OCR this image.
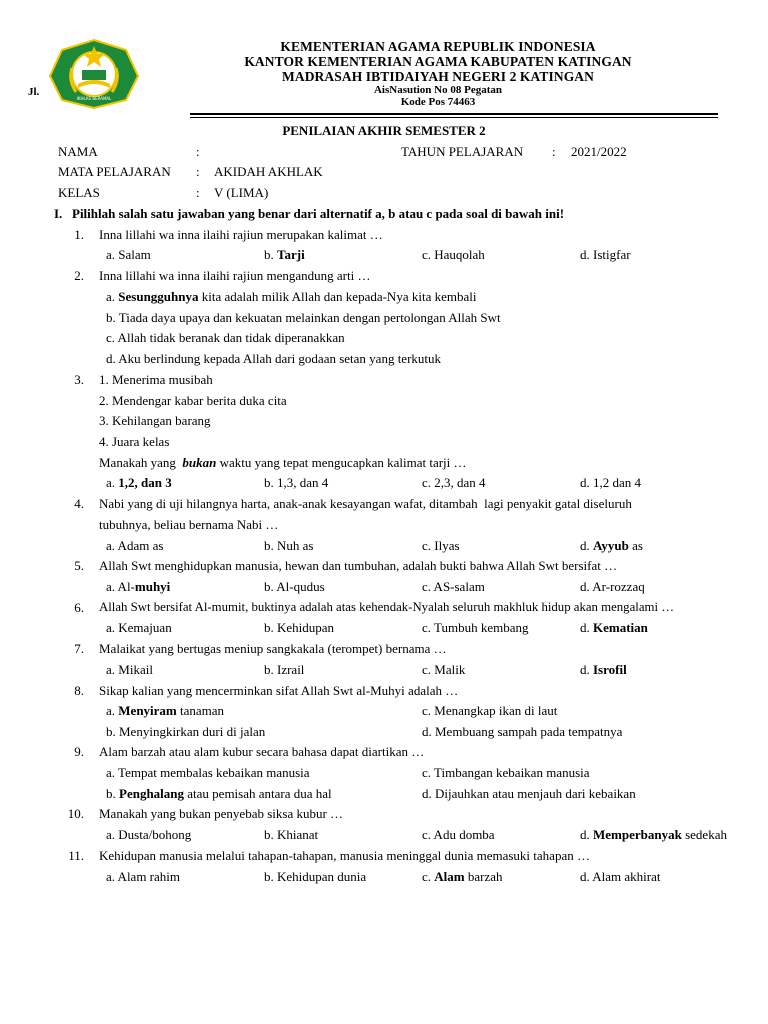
IKHLAS BERAMAL
KEMENTERIAN AGAMA REPUBLIK INDONESIA
KANTOR KEMENTERIAN AGAMA KABUPATEN KATINGAN
MADRASAH IBTIDAIYAH NEGERI 2 KATINGAN
Jl.	AisNasution No 08 Pegatan
Kode Pos 74463
PENILAIAN AKHIR SEMESTER 2
NAMA	:	TAHUN PELAJARAN : 2021/2022
MATA PELAJARAN : AKIDAH AKHLAK
KELAS	: V (LIMA)
I. Pilihlah salah satu jawaban yang benar dari alternatif a, b atau c pada soal di bawah ini!
1. Inna lillahi wa inna ilaihi rajiun merupakan kalimat …
a. Salam	b. Tarji	c. Hauqolah	d. Istigfar
2. Inna lillahi wa inna ilaihi rajiun mengandung arti …
a. Sesungguhnya kita adalah milik Allah dan kepada-Nya kita kembali
b. Tiada daya upaya dan kekuatan melainkan dengan pertolongan Allah Swt
c. Allah tidak beranak dan tidak diperanakkan
d. Aku berlindung kepada Allah dari godaan setan yang terkutuk
3. 1. Menerima musibah
2. Mendengar kabar berita duka cita
3. Kehilangan barang
4. Juara kelas
Manakah yang  bukan waktu yang tepat mengucapkan kalimat tarji …
a. 1,2, dan 3	b. 1,3, dan 4	c. 2,3, dan 4	d. 1,2 dan 4
4. Nabi yang di uji hilangnya harta, anak-anak kesayangan wafat, ditambah  lagi penyakit gatal diseluruh
tubuhnya, beliau bernama Nabi …
a. Adam as	b. Nuh as	c. Ilyas	d. Ayyub as
5. Allah Swt menghidupkan manusia, hewan dan tumbuhan, adalah bukti bahwa Allah Swt bersifat …
a. Al-muhyi	b. Al-qudus	c. AS-salam	d. Ar-rozzaq
6. Allah Swt bersifat Al-mumit, buktinya adalah atas kehendak-Nyalah seluruh makhluk hidup akan mengalami …
a. Kemajuan	b. Kehidupan	c. Tumbuh kembang	d. Kematian
7. Malaikat yang bertugas meniup sangkakala (terompet) bernama …
a. Mikail	b. Izrail	c. Malik	d. Isrofil
8. Sikap kalian yang mencerminkan sifat Allah Swt al-Muhyi adalah …
a. Menyiram tanaman	c. Menangkap ikan di laut
b. Menyingkirkan duri di jalan	d. Membuang sampah pada tempatnya
9. Alam barzah atau alam kubur secara bahasa dapat diartikan …
a. Tempat membalas kebaikan manusia	c. Timbangan kebaikan manusia
b. Penghalang atau pemisah antara dua hal	d. Dijauhkan atau menjauh dari kebaikan
10. Manakah yang bukan penyebab siksa kubur …
a. Dusta/bohong	b. Khianat	c. Adu domba	d. Memperbanyak sedekah
11. Kehidupan manusia melalui tahapan-tahapan, manusia meninggal dunia memasuki tahapan …
a. Alam rahim	b. Kehidupan dunia	c. Alam barzah	d. Alam akhirat
